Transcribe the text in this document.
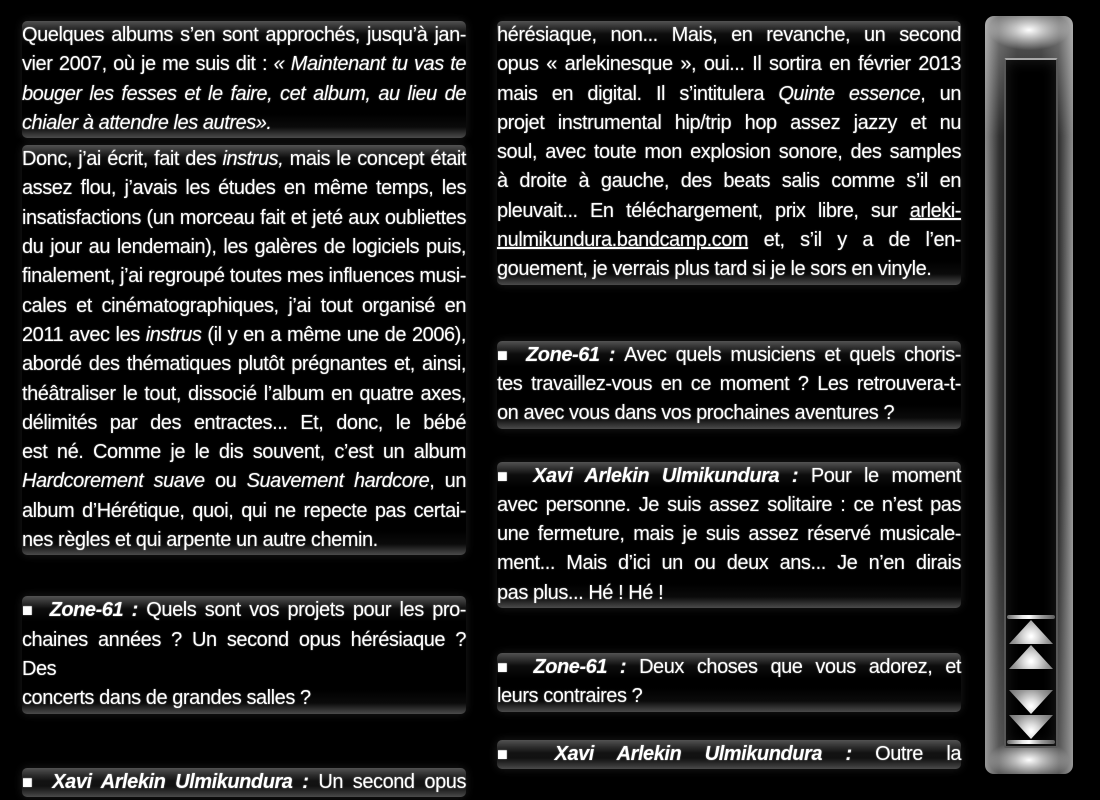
Quelques albums s’en sont approchés, jusqu’à jan-
vier 2007, où je me suis dit : « Maintenant tu vas te
bouger les fesses et le faire, cet album, au lieu de
chialer à attendre les autres».
Donc, j’ai écrit, fait des instrus, mais le concept était
assez flou, j’avais les études en même temps, les
insatisfactions (un morceau fait et jeté aux oubliettes
du jour au lendemain), les galères de logiciels puis,
finalement, j’ai regroupé toutes mes influences musi-
cales et cinématographiques, j’ai tout organisé en
2011 avec les instrus (il y en a même une de 2006),
abordé des thématiques plutôt prégnantes et, ainsi,
théâtraliser le tout, dissocié l’album en quatre axes,
délimités par des entractes... Et, donc, le bébé
est né. Comme je le dis souvent, c’est un album
Hardcorement suave ou Suavement hardcore, un
album d’Hérétique, quoi, qui ne repecte pas certai-
nes règles et qui arpente un autre chemin.
■ Zone-61 : Quels sont vos projets pour les pro-
chaines années ? Un second opus hérésiaque ? Des
concerts dans de grandes salles ?
■ Xavi Arlekin Ulmikundura : Un second opus
hérésiaque, non... Mais, en revanche, un second
opus « arlekinesque », oui... Il sortira en février 2013
mais en digital. Il s’intitulera Quinte essence, un
projet instrumental hip/trip hop assez jazzy et nu
soul, avec toute mon explosion sonore, des samples
à droite à gauche, des beats salis comme s’il en
pleuvait... En téléchargement, prix libre, sur arleki-
nulmikundura.bandcamp.com et, s’il y a de l’en-
gouement, je verrais plus tard si je le sors en vinyle.
■ Zone-61 : Avec quels musiciens et quels choris-
tes travaillez-vous en ce moment ? Les retrouvera-t-
on avec vous dans vos prochaines aventures ?
■ Xavi Arlekin Ulmikundura : Pour le moment
avec personne. Je suis assez solitaire : ce n’est pas
une fermeture, mais je suis assez réservé musicale-
ment... Mais d’ici un ou deux ans... Je n’en dirais
pas plus... Hé ! Hé !
■ Zone-61 : Deux choses que vous adorez, et
leurs contraires ?
■ Xavi Arlekin Ulmikundura : Outre la
